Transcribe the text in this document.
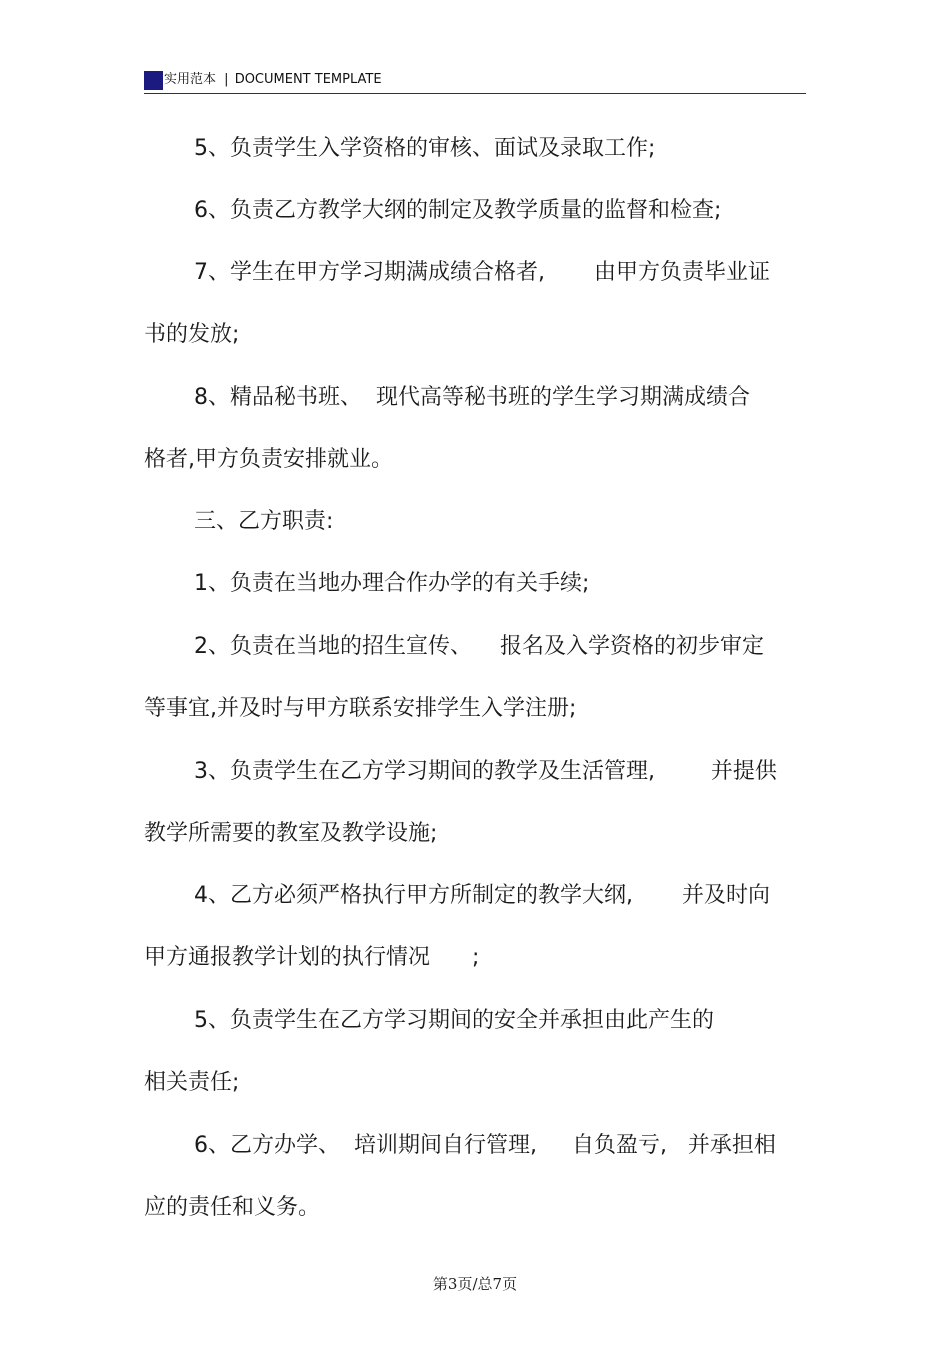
实用范本 | DOCUMENT TEMPLATE
5、负责学生入学资格的审核、面试及录取工作;
6、负责乙方教学大纲的制定及教学质量的监督和检查;
7、学生在甲方学习期满成绩合格者,       由甲方负责毕业证
书的发放;
8、精品秘书班、  现代高等秘书班的学生学习期满成绩合
格者,甲方负责安排就业。
三、乙方职责:
1、负责在当地办理合作办学的有关手续;
2、负责在当地的招生宣传、    报名及入学资格的初步审定
等事宜,并及时与甲方联系安排学生入学注册;
3、负责学生在乙方学习期间的教学及生活管理,        并提供
教学所需要的教室及教学设施;
4、乙方必须严格执行甲方所制定的教学大纲,       并及时向
甲方通报教学计划的执行情况      ;
5、负责学生在乙方学习期间的安全并承担由此产生的
相关责任;
6、乙方办学、  培训期间自行管理,     自负盈亏,   并承担相
应的责任和义务。
第3页/总7页
